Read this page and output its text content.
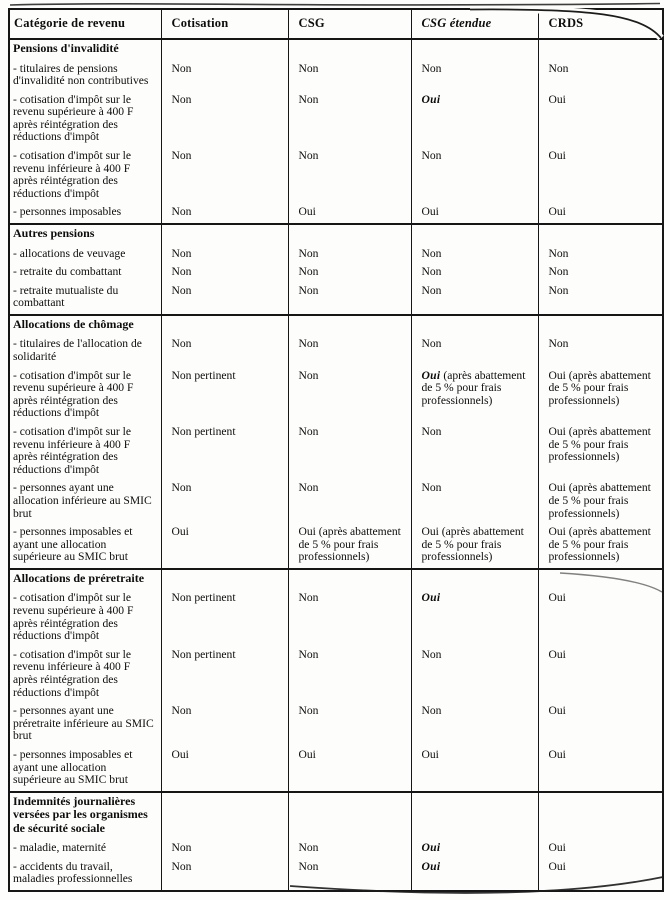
Catégorie de revenu	Cotisation	CSG	CSG étendue	CRDS
Pensions d'invalidité				
- titulaires de pensions d'invalidité non contributives	Non	Non	Non	Non
- cotisation d'impôt sur le revenu supérieure à 400 F après réintégration des réductions d'impôt	Non	Non	Oui	Oui
- cotisation d'impôt sur le revenu inférieure à 400 F après réintégration des réductions d'impôt	Non	Non	Non	Oui
- personnes imposables	Non	Oui	Oui	Oui
Autres pensions				
- allocations de veuvage	Non	Non	Non	Non
- retraite du combattant	Non	Non	Non	Non
- retraite mutualiste du combattant	Non	Non	Non	Non
Allocations de chômage				
- titulaires de l'allocation de solidarité	Non	Non	Non	Non
- cotisation d'impôt sur le revenu supérieure à 400 F après réintégration des réductions d'impôt	Non pertinent	Non	Oui (après abattement de 5 % pour frais professionnels)	Oui (après abattement de 5 % pour frais professionnels)
- cotisation d'impôt sur le revenu inférieure à 400 F après réintégration des réductions d'impôt	Non pertinent	Non	Non	Oui (après abattement de 5 % pour frais professionnels)
- personnes ayant une allocation inférieure au SMIC brut	Non	Non	Non	Oui (après abattement de 5 % pour frais professionnels)
- personnes imposables et ayant une allocation supérieure au SMIC brut	Oui	Oui (après abattement de 5 % pour frais professionnels)	Oui (après abattement de 5 % pour frais professionnels)	Oui (après abattement de 5 % pour frais professionnels)
Allocations de préretraite				
- cotisation d'impôt sur le revenu supérieure à 400 F après réintégration des réductions d'impôt	Non pertinent	Non	Oui	Oui
- cotisation d'impôt sur le revenu inférieure à 400 F après réintégration des réductions d'impôt	Non pertinent	Non	Non	Oui
- personnes ayant une préretraite inférieure au SMIC brut	Non	Non	Non	Oui
- personnes imposables et ayant une allocation supérieure au SMIC brut	Oui	Oui	Oui	Oui
Indemnités journalières versées par les organismes de sécurité sociale				
- maladie, maternité	Non	Non	Oui	Oui
- accidents du travail, maladies professionnelles	Non	Non	Oui	Oui
